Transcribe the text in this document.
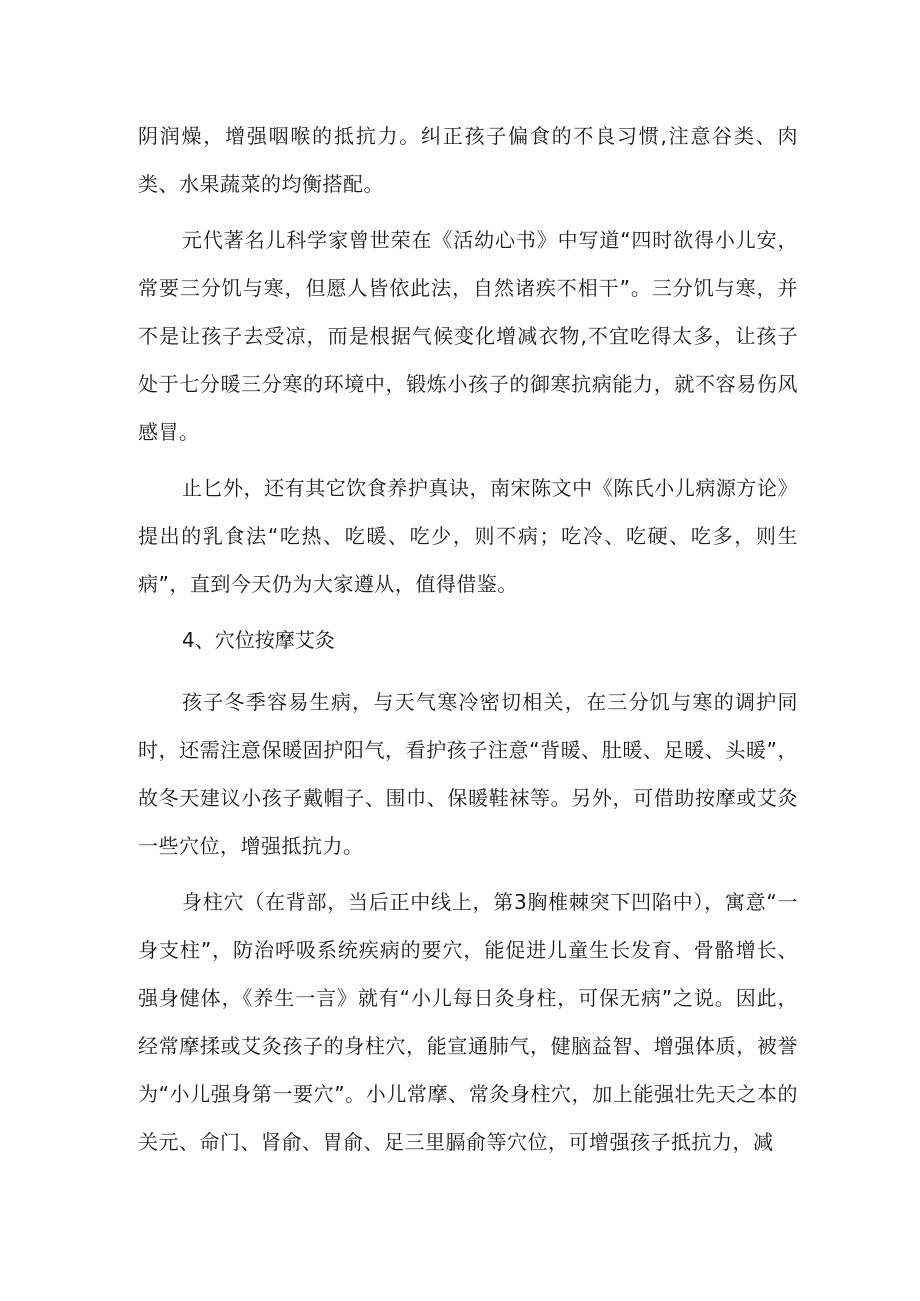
阴润燥，增强咽喉的抵抗力。纠正孩子偏食的不良习惯,注意谷类、肉类、水果蔬菜的均衡搭配。

元代著名儿科学家曾世荣在《活幼心书》中写道“四时欲得小儿安，常要三分饥与寒，但愿人皆依此法，自然诸疾不相干”。三分饥与寒，并不是让孩子去受凉，而是根据气候变化增减衣物,不宜吃得太多，让孩子处于七分暖三分寒的环境中，锻炼小孩子的御寒抗病能力，就不容易伤风感冒。

止匕外，还有其它饮食养护真诀，南宋陈文中《陈氏小儿病源方论》提出的乳食法“吃热、吃暖、吃少，则不病；吃冷、吃硬、吃多，则生病”，直到今天仍为大家遵从，值得借鉴。

4、穴位按摩艾灸

孩子冬季容易生病，与天气寒冷密切相关，在三分饥与寒的调护同时，还需注意保暖固护阳气，看护孩子注意“背暖、肚暖、足暖、头暖”，故冬天建议小孩子戴帽子、围巾、保暖鞋袜等。另外，可借助按摩或艾灸一些穴位，增强抵抗力。

身柱穴（在背部，当后正中线上，第3胸椎棘突下凹陷中），寓意“一身支柱”，防治呼吸系统疾病的要穴，能促进儿童生长发育、骨骼增长、强身健体，《养生一言》就有“小儿每日灸身柱，可保无病”之说。因此，经常摩揉或艾灸孩子的身柱穴，能宣通肺气，健脑益智、增强体质，被誉为“小儿强身第一要穴”。小儿常摩、常灸身柱穴，加上能强壮先天之本的关元、命门、肾俞、胃俞、足三里膈俞等穴位，可增强孩子抵抗力，减
